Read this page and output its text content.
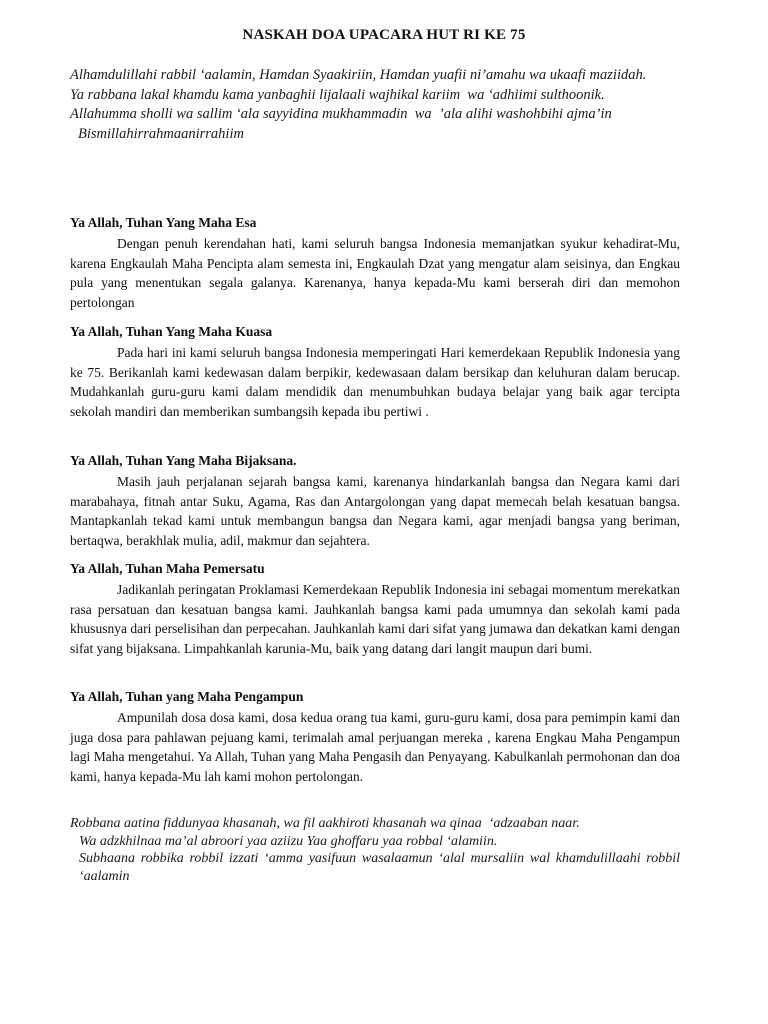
NASKAH DOA UPACARA HUT RI KE 75
Alhamdulillahi rabbil ‘aalamin, Hamdan Syaakiriin, Hamdan yuafii ni’amahu wa ukaafi maziidah.
Ya rabbana lakal khamdu kama yanbaghii lijalaali wajhikal kariim  wa ‘adhiimi sulthoonik.
Allahumma sholli wa sallim ‘ala sayyidina mukhammadin  wa  ’ala alihi washohbihi ajma’in
Bismillahirrahmaanirrahiim
Ya Allah, Tuhan Yang Maha Esa

Dengan penuh kerendahan hati, kami seluruh bangsa Indonesia memanjatkan syukur kehadirat-Mu, karena Engkaulah Maha Pencipta alam semesta ini, Engkaulah Dzat yang mengatur alam seisinya, dan Engkau pula yang menentukan segala galanya. Karenanya, hanya kepada-Mu kami berserah diri dan memohon pertolongan

Ya Allah, Tuhan Yang Maha Kuasa

Pada hari ini kami seluruh bangsa Indonesia memperingati Hari kemerdekaan Republik Indonesia yang ke 75. Berikanlah kami kedewasan dalam berpikir, kedewasaan dalam bersikap dan keluhuran dalam berucap. Mudahkanlah guru-guru kami dalam mendidik dan menumbuhkan budaya belajar yang baik agar tercipta sekolah mandiri dan memberikan sumbangsih kepada ibu pertiwi .

Ya Allah, Tuhan Yang Maha Bijaksana.

Masih jauh perjalanan sejarah bangsa kami, karenanya hindarkanlah bangsa dan Negara kami dari marabahaya, fitnah antar Suku, Agama, Ras dan Antargolongan yang dapat memecah belah kesatuan bangsa. Mantapkanlah tekad kami untuk membangun bangsa dan Negara kami, agar menjadi bangsa yang beriman, bertaqwa, berakhlak mulia, adil, makmur dan sejahtera.

Ya Allah, Tuhan Maha Pemersatu

Jadikanlah peringatan Proklamasi Kemerdekaan Republik Indonesia ini sebagai momentum merekatkan rasa persatuan dan kesatuan bangsa kami. Jauhkanlah bangsa kami pada umumnya dan sekolah kami pada khususnya dari perselisihan dan perpecahan. Jauhkanlah kami dari sifat yang jumawa dan dekatkan kami dengan sifat yang bijaksana. Limpahkanlah karunia-Mu, baik yang datang dari langit maupun dari bumi.

Ya Allah, Tuhan yang Maha Pengampun

Ampunilah dosa dosa kami, dosa kedua orang tua kami, guru-guru kami, dosa para pemimpin kami dan juga dosa para pahlawan pejuang kami, terimalah amal perjuangan mereka , karena Engkau Maha Pengampun lagi Maha mengetahui. Ya Allah, Tuhan yang Maha Pengasih dan Penyayang. Kabulkanlah permohonan dan doa kami, hanya kepada-Mu lah kami mohon pertolongan.

Robbana aatina fiddunyaa khasanah, wa fil aakhiroti khasanah wa qinaa  ‘adzaaban naar.
Wa adzkhilnaa ma’al abroori yaa aziizu Yaa ghoffaru yaa robbal ‘alamiin.
Subhaana robbika robbil izzati ‘amma yasifuun wasalaamun ‘alal mursaliin wal khamdulillaahi robbil ‘aalamin
